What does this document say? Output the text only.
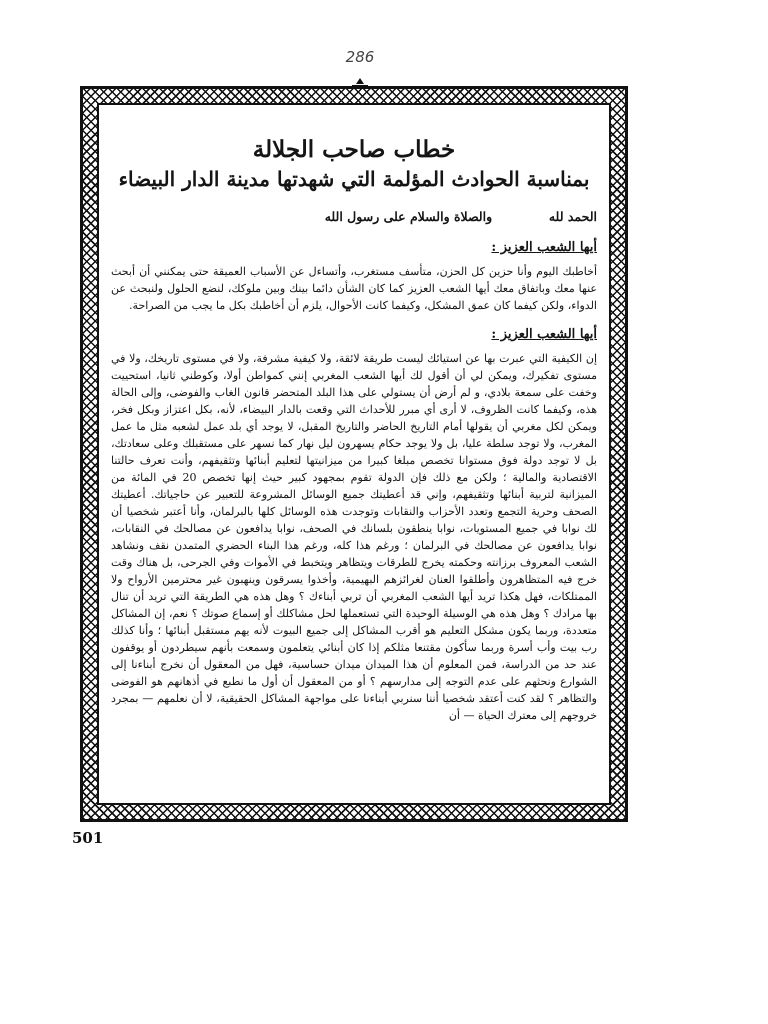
286

خطاب صاحب الجلالة

بمناسبة الحوادث المؤلمة التي شهدتها مدينة الدار البيضاء

الحمد لله  والصلاة والسلام على رسول الله

أيها الشعب العزيز :

أخاطبك اليوم وأنا حزين كل الحزن، متأسف مستغرب، وأتساءل عن الأسباب العميقة حتى يمكنني أن أبحث عنها معك وباتفاق معك أيها الشعب العزيز كما كان الشأن دائما بينك وبين ملوكك، لنضع الحلول ولنبحث عن الدواء، ولكن كيفما كان عمق المشكل، وكيفما كانت الأحوال، يلزم أن أخاطبك بكل ما يجب من الصراحة.

أيها الشعب العزيز :

إن الكيفية التي عبرت بها عن استيائك ليست طريقة لائقة، ولا كيفية مشرفة، ولا في مستوى تاريخك، ولا في مستوى تفكيرك، ويمكن لي أن أقول لك أيها الشعب المغربي إنني كمواطن أولا، وكوطني ثانيا، استحييت وخفت على سمعة بلادي، و لم أرض أن يستولي على هذا البلد المتحضر قانون الغاب والفوضى، وإلى الحالة هذه، وكيفما كانت الظروف، لا أرى أي مبرر للأحداث التي وقعت بالدار البيضاء، لأنه، بكل اعتزاز وبكل فخر، ويمكن لكل مغربي أن يقولها أمام التاريخ الحاضر والتاريخ المقبل، لا يوجد أي بلد عمل لشعبه مثل ما عمل المغرب، ولا توجد سلطة عليا، بل ولا يوجد حكام يسهرون ليل نهار كما نسهر على مستقبلك وعلى سعادتك، بل لا توجد دولة فوق مستوانا تخصص مبلغا كبيرا من ميزانيتها لتعليم أبنائها وتثقيفهم، وأنت تعرف حالتنا الاقتصادية والمالية ؛ ولكن مع ذلك فإن الدولة تقوم بمجهود كبير حيث إنها تخصص 20 في المائة من الميزانية لتربية أبنائها وتثقيفهم، وإني قد أعطيتك جميع الوسائل المشروعة للتعبير عن حاجياتك. أعطيتك الصحف وحرية التجمع وتعدد الأحزاب والنقابات وتوجدت هذه الوسائل كلها بالبرلمان، وأنا أعتبر شخصيا أن لك نوابا في جميع المستويات، نوابا ينطقون بلسانك في الصحف، نوابا يدافعون عن مصالحك في النقابات، نوابا يدافعون عن مصالحك في البرلمان ؛ ورغم هذا كله، ورغم هذا البناء الحضري المتمدن نقف ونشاهد الشعب المعروف برزانته وحكمته يخرج للطرقات ويتظاهر ويتخبط في الأموات وفي الجرحى، بل هناك وقت خرج فيه المتظاهرون وأطلقوا العنان لغرائزهم البهيمية، وأخذوا يسرقون وينهبون غير محترمين الأرواح ولا الممتلكات، فهل هكذا تريد أيها الشعب المغربي أن تربي أبناءك ؟ وهل هذه هي الطريقة التي تريد أن تنال بها مرادك ؟ وهل هذه هي الوسيلة الوحيدة التي تستعملها لحل مشاكلك أو إسماع صوتك ؟ نعم، إن المشاكل متعددة، وربما يكون مشكل التعليم هو أقرب المشاكل إلى جميع البيوت لأنه يهم مستقبل أبنائها ؛ وأنا كذلك رب بيت وأب أسرة وربما سأكون مقتنعا مثلكم إذا كان أبنائي يتعلمون وسمعت بأنهم سيطردون أو يوقفون عند حد من الدراسة، فمن المعلوم أن هذا الميدان ميدان حساسية، فهل من المعقول أن نخرج أبناءنا إلى الشوارع ونحثهم على عدم التوجه إلى مدارسهم ؟ أو من المعقول أن أول ما نطبع في أذهانهم هو الفوضى والتظاهر ؟ لقد كنت أعتقد شخصيا أننا سنربي أبناءنا على مواجهة المشاكل الحقيقية، لا أن نعلمهم — بمجرد خروجهم إلى معترك الحياة — أن

501
